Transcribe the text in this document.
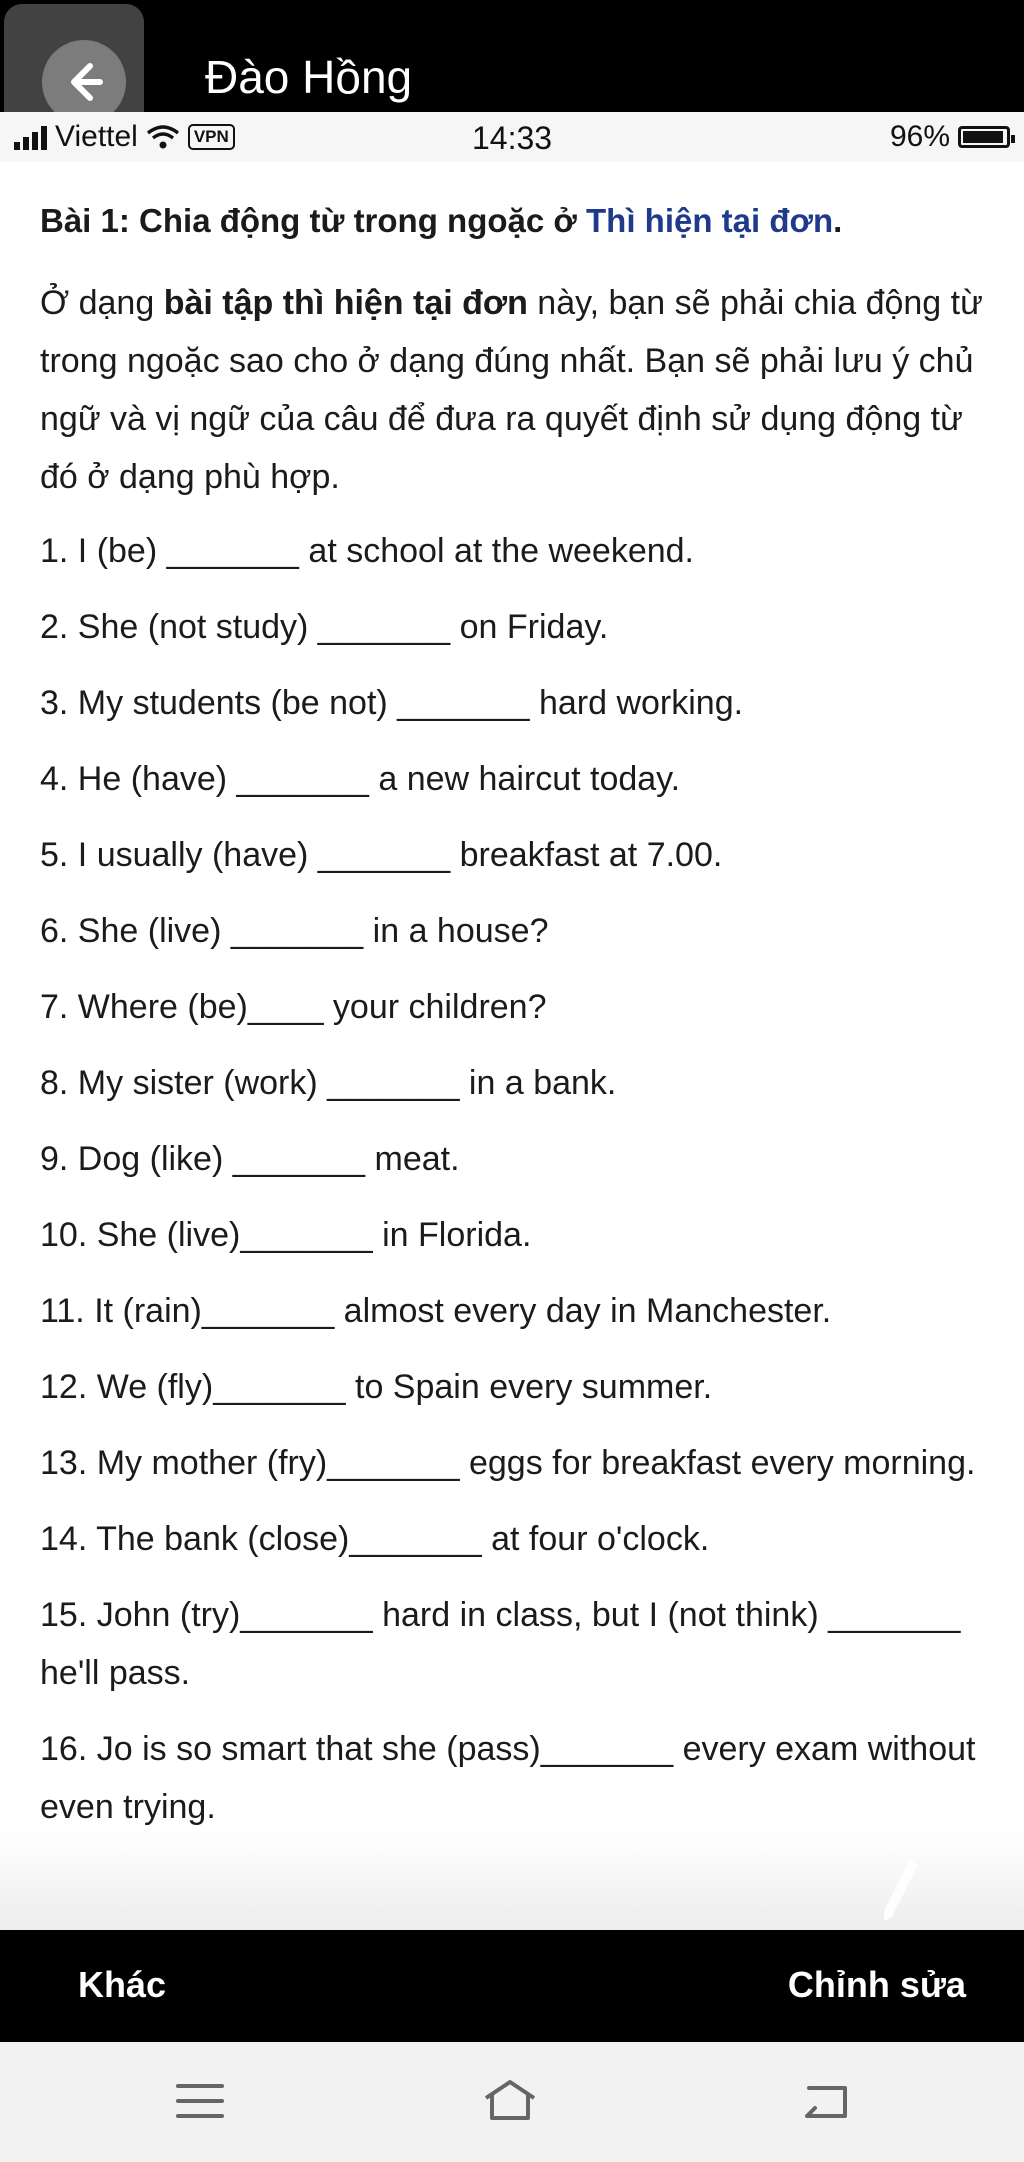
Đào Hồng
Viettel	VPN	14:33	96%

Bài 1: Chia động từ trong ngoặc ở Thì hiện tại đơn.

Ở dạng bài tập thì hiện tại đơn này, bạn sẽ phải chia động từ trong ngoặc sao cho ở dạng đúng nhất. Bạn sẽ phải lưu ý chủ ngữ và vị ngữ của câu để đưa ra quyết định sử dụng động từ đó ở dạng phù hợp.

1. I (be) _______ at school at the weekend.

2. She (not study) _______ on Friday.

3. My students (be not) _______ hard working.

4. He (have) _______ a new haircut today.

5. I usually (have) _______ breakfast at 7.00.

6. She (live) _______ in a house?

7. Where (be)____ your children?

8. My sister (work) _______ in a bank.

9. Dog (like) _______ meat.

10. She (live)_______ in Florida.

11. It (rain)_______ almost every day in Manchester.

12. We (fly)_______ to Spain every summer.

13. My mother (fry)_______ eggs for breakfast every morning.

14. The bank (close)_______ at four o'clock.

15. John (try)_______ hard in class, but I (not think) _______ he'll pass.

16. Jo is so smart that she (pass)_______ every exam without even trying.

Khác	Chỉnh sửa
